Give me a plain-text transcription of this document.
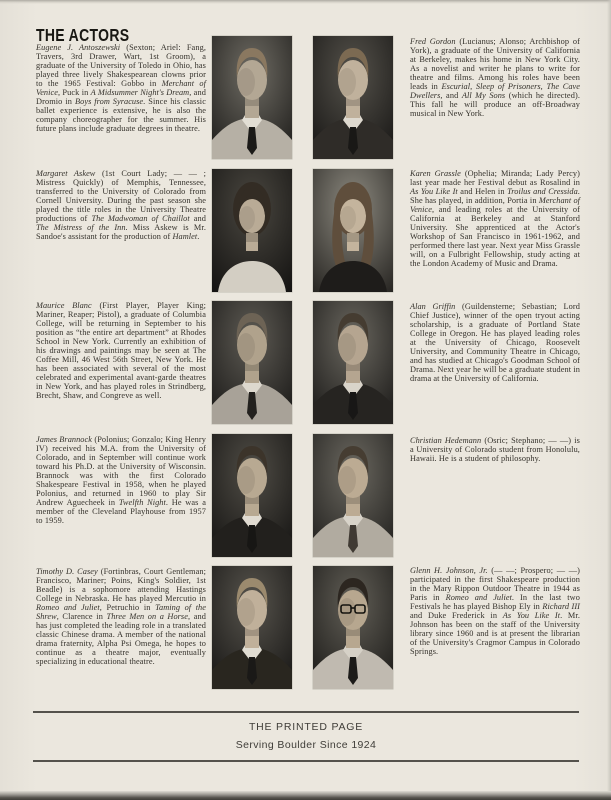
THE ACTORS

Eugene J. Antoszewski (Sexton; Ariel: Fang, Travers, 3rd Drawer, Wart, 1st Groom), a graduate of the University of Toledo in Ohio, has played three lively Shakespearean clowns prior to the 1965 Festival: Gobbo in Merchant of Venice, Puck in A Midsummer Night's Dream, and Dromio in Boys from Syracuse. Since his classic ballet experience is extensive, he is also the company choreographer for the summer. His future plans include graduate degrees in theatre.

Margaret Askew (1st Court Lady; — — ; Mistress Quickly) of Memphis, Tennessee, transferred to the University of Colorado from Cornell University. During the past season she played the title roles in the University Theatre productions of The Madwoman of Chaillot and The Mistress of the Inn. Miss Askew is Mr. Sandoe's assistant for the production of Hamlet.

Maurice Blanc (First Player, Player King; Mariner, Reaper; Pistol), a graduate of Columbia College, will be returning in September to his position as “the entire art department” at Rhodes School in New York. Currently an exhibition of his drawings and paintings may be seen at The Coffee Mill, 46 West 56th Street, New York. He has been associated with several of the most celebrated and experimental avant-garde theatres in New York, and has played roles in Strindberg, Brecht, Shaw, and Congreve as well.

James Brannock (Polonius; Gonzalo; King Henry IV) received his M.A. from the University of Colorado, and in September will continue work toward his Ph.D. at the University of Wisconsin. Brannock was with the first Colorado Shakespeare Festival in 1958, when he played Polonius, and returned in 1960 to play Sir Andrew Aguecheek in Twelfth Night. He was a member of the Cleveland Playhouse from 1957 to 1959.

Timothy D. Casey (Fortinbras, Court Gentleman; Francisco, Mariner; Poins, King's Soldier, 1st Beadle) is a sophomore attending Hastings College in Nebraska. He has played Mercutio in Romeo and Juliet, Petruchio in Taming of the Shrew, Clarence in Three Men on a Horse, and has just completed the leading role in a translated classic Chinese drama. A member of the national drama fraternity, Alpha Psi Omega, he hopes to continue as a theatre major, eventually specializing in educational theatre.

Fred Gordon (Lucianus; Alonso; Archbishop of York), a graduate of the University of California at Berkeley, makes his home in New York City. As a novelist and writer he plans to write for theatre and films. Among his roles have been leads in Escurial, Sleep of Prisoners, The Cave Dwellers, and All My Sons (which he directed). This fall he will produce an off-Broadway musical in New York.

Karen Grassle (Ophelia; Miranda; Lady Percy) last year made her Festival debut as Rosalind in As You Like It and Helen in Troilus and Cressida. She has played, in addition, Portia in Merchant of Venice, and leading roles at the University of California at Berkeley and at Stanford University. She apprenticed at the Actor's Workshop of San Francisco in 1961-1962, and performed there last year. Next year Miss Grassle will, on a Fulbright Fellowship, study acting at the London Academy of Music and Drama.

Alan Griffin (Guildensterne; Sebastian; Lord Chief Justice), winner of the open tryout acting scholarship, is a graduate of Portland State College in Oregon. He has played leading roles at the University of Chicago, Roosevelt University, and Community Theatre in Chicago, and has studied at Chicago's Goodman School of Drama. Next year he will be a graduate student in drama at the University of California.

Christian Hedemann (Osric; Stephano; — —) is a University of Colorado student from Honolulu, Hawaii. He is a student of philosophy.

Glenn H. Johnson, Jr. (— —; Prospero; — —) participated in the first Shakespeare production in the Mary Rippon Outdoor Theatre in 1944 as Paris in Romeo and Juliet. In the last two Festivals he has played Bishop Ely in Richard III and Duke Frederick in As You Like It. Mr. Johnson has been on the staff of the University library since 1960 and is at present the librarian of the University's Cragmor Campus in Colorado Springs.

THE PRINTED PAGE
Serving Boulder Since 1924
